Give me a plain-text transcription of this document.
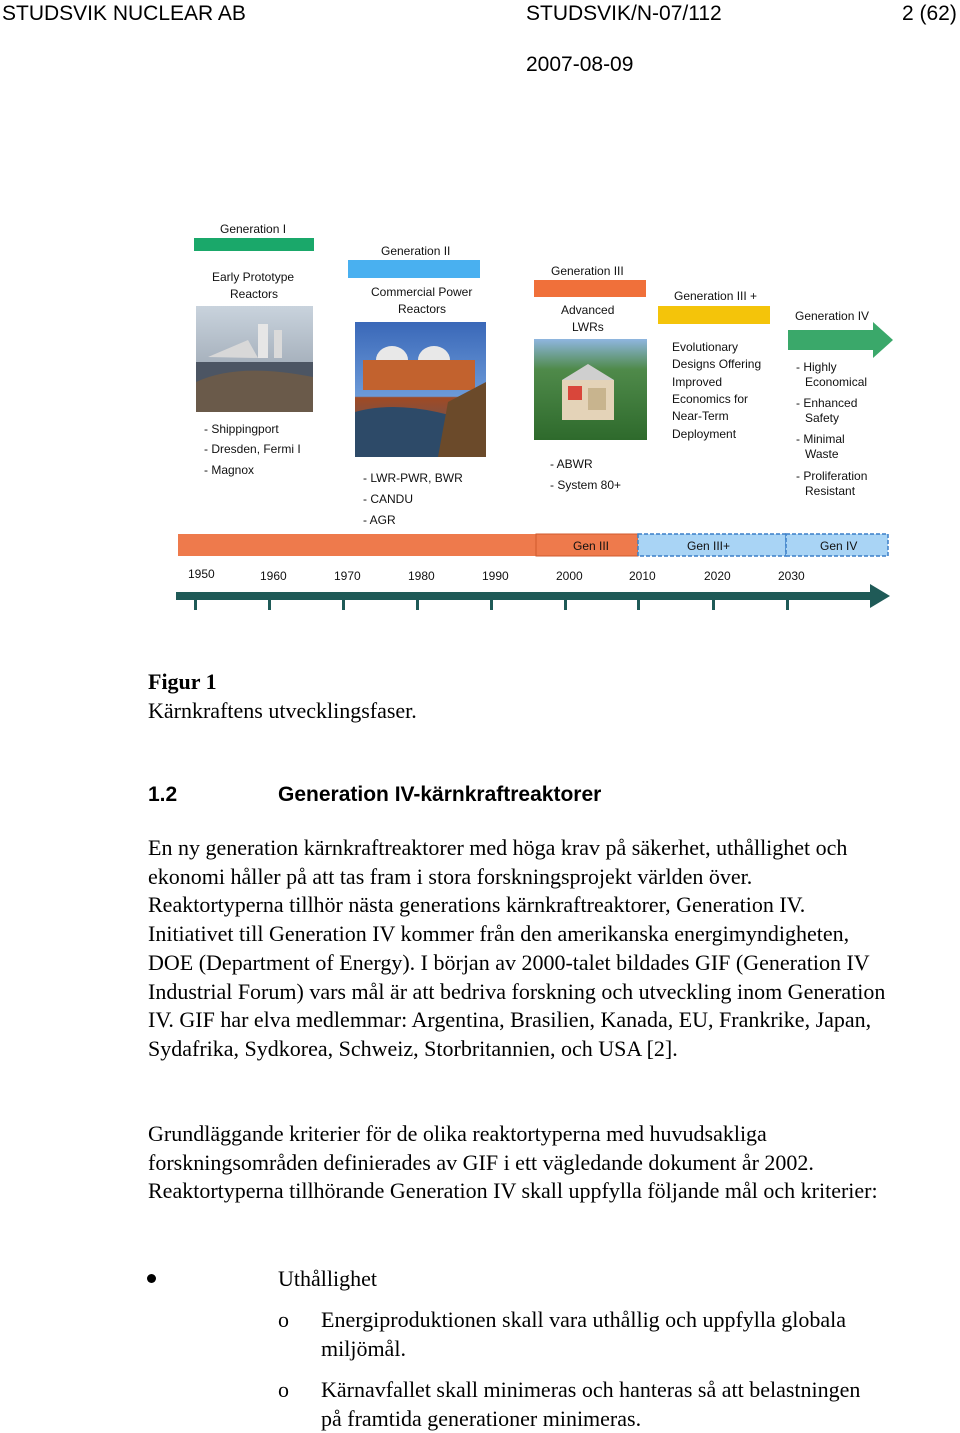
STUDSVIK NUCLEAR AB	STUDSVIK/N-07/112	2 (62)
2007-08-09
Generation I
Early Prototype
Reactors
- Shippingport
- Dresden, Fermi I
- Magnox
Generation II
Commercial Power
Reactors
- LWR-PWR, BWR
- CANDU
- AGR
Generation III
Advanced
LWRs
- ABWR
- System 80+
Generation III +
Evolutionary
Designs Offering
Improved
Economics for
Near-Term
Deployment
Generation IV
- Highly
Economical
- Enhanced
Safety
- Minimal
Waste
- Proliferation
Resistant
Gen III	Gen III+	Gen IV
1950	1960	1970	1980	1990	2000	2010	2020	2030
Figur 1
Kärnkraftens utvecklingsfaser.
1.2	Generation IV-kärnkraftreaktorer

En ny generation kärnkraftreaktorer med höga krav på säkerhet, uthållighet och ekonomi håller på att tas fram i stora forskningsprojekt världen över. Reaktortyperna tillhör nästa generations kärnkraftreaktorer, Generation IV. Initiativet till Generation IV kommer från den amerikanska energimyndigheten, DOE (Department of Energy). I början av 2000-talet bildades GIF (Generation IV Industrial Forum) vars mål är att bedriva forskning och utveckling inom Generation IV. GIF har elva medlemmar: Argentina, Brasilien, Kanada, EU, Frankrike, Japan, Sydafrika, Sydkorea, Schweiz, Storbritannien, och USA [2].

Grundläggande kriterier för de olika reaktortyperna med huvudsakliga forskningsområden definierades av GIF i ett vägledande dokument år 2002. Reaktortyperna tillhörande Generation IV skall uppfylla följande mål och kriterier:

Uthållighet
o Energiproduktionen skall vara uthållig och uppfylla globala miljömål.

o Kärnavfallet skall minimeras och hanteras så att belastningen på framtida generationer minimeras.
